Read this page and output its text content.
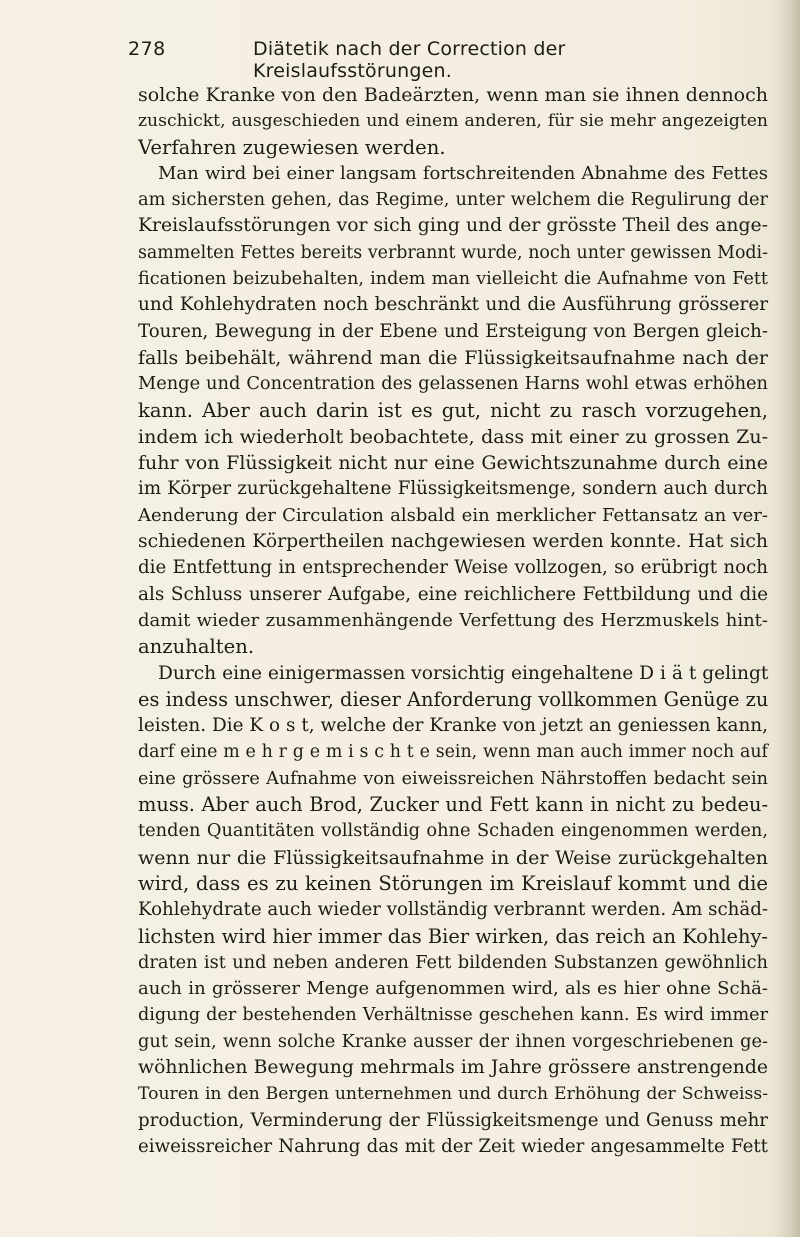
278	Diätetik nach der Correction der Kreislaufsstörungen.
solche Kranke von den Badeärzten, wenn man sie ihnen dennoch
zuschickt, ausgeschieden und einem anderen, für sie mehr angezeigten
Verfahren zugewiesen werden.
Man wird bei einer langsam fortschreitenden Abnahme des Fettes
am sichersten gehen, das Regime, unter welchem die Regulirung der
Kreislaufsstörungen vor sich ging und der grösste Theil des ange-
sammelten Fettes bereits verbrannt wurde, noch unter gewissen Modi-
ficationen beizubehalten, indem man vielleicht die Aufnahme von Fett
und Kohlehydraten noch beschränkt und die Ausführung grösserer
Touren, Bewegung in der Ebene und Ersteigung von Bergen gleich-
falls beibehält, während man die Flüssigkeitsaufnahme nach der
Menge und Concentration des gelassenen Harns wohl etwas erhöhen
kann. Aber auch darin ist es gut, nicht zu rasch vorzugehen,
indem ich wiederholt beobachtete, dass mit einer zu grossen Zu-
fuhr von Flüssigkeit nicht nur eine Gewichtszunahme durch eine
im Körper zurückgehaltene Flüssigkeitsmenge, sondern auch durch
Aenderung der Circulation alsbald ein merklicher Fettansatz an ver-
schiedenen Körpertheilen nachgewiesen werden konnte. Hat sich
die Entfettung in entsprechender Weise vollzogen, so erübrigt noch
als Schluss unserer Aufgabe, eine reichlichere Fettbildung und die
damit wieder zusammenhängende Verfettung des Herzmuskels hint-
anzuhalten.
Durch eine einigermassen vorsichtig eingehaltene D i ä t gelingt
es indess unschwer, dieser Anforderung vollkommen Genüge zu
leisten. Die K o s t, welche der Kranke von jetzt an geniessen kann,
darf eine m e h r g e m i s c h t e sein, wenn man auch immer noch auf
eine grössere Aufnahme von eiweissreichen Nährstoffen bedacht sein
muss. Aber auch Brod, Zucker und Fett kann in nicht zu bedeu-
tenden Quantitäten vollständig ohne Schaden eingenommen werden,
wenn nur die Flüssigkeitsaufnahme in der Weise zurückgehalten
wird, dass es zu keinen Störungen im Kreislauf kommt und die
Kohlehydrate auch wieder vollständig verbrannt werden. Am schäd-
lichsten wird hier immer das Bier wirken, das reich an Kohlehy-
draten ist und neben anderen Fett bildenden Substanzen gewöhnlich
auch in grösserer Menge aufgenommen wird, als es hier ohne Schä-
digung der bestehenden Verhältnisse geschehen kann. Es wird immer
gut sein, wenn solche Kranke ausser der ihnen vorgeschriebenen ge-
wöhnlichen Bewegung mehrmals im Jahre grössere anstrengende
Touren in den Bergen unternehmen und durch Erhöhung der Schweiss-
production, Verminderung der Flüssigkeitsmenge und Genuss mehr
eiweissreicher Nahrung das mit der Zeit wieder angesammelte Fett
